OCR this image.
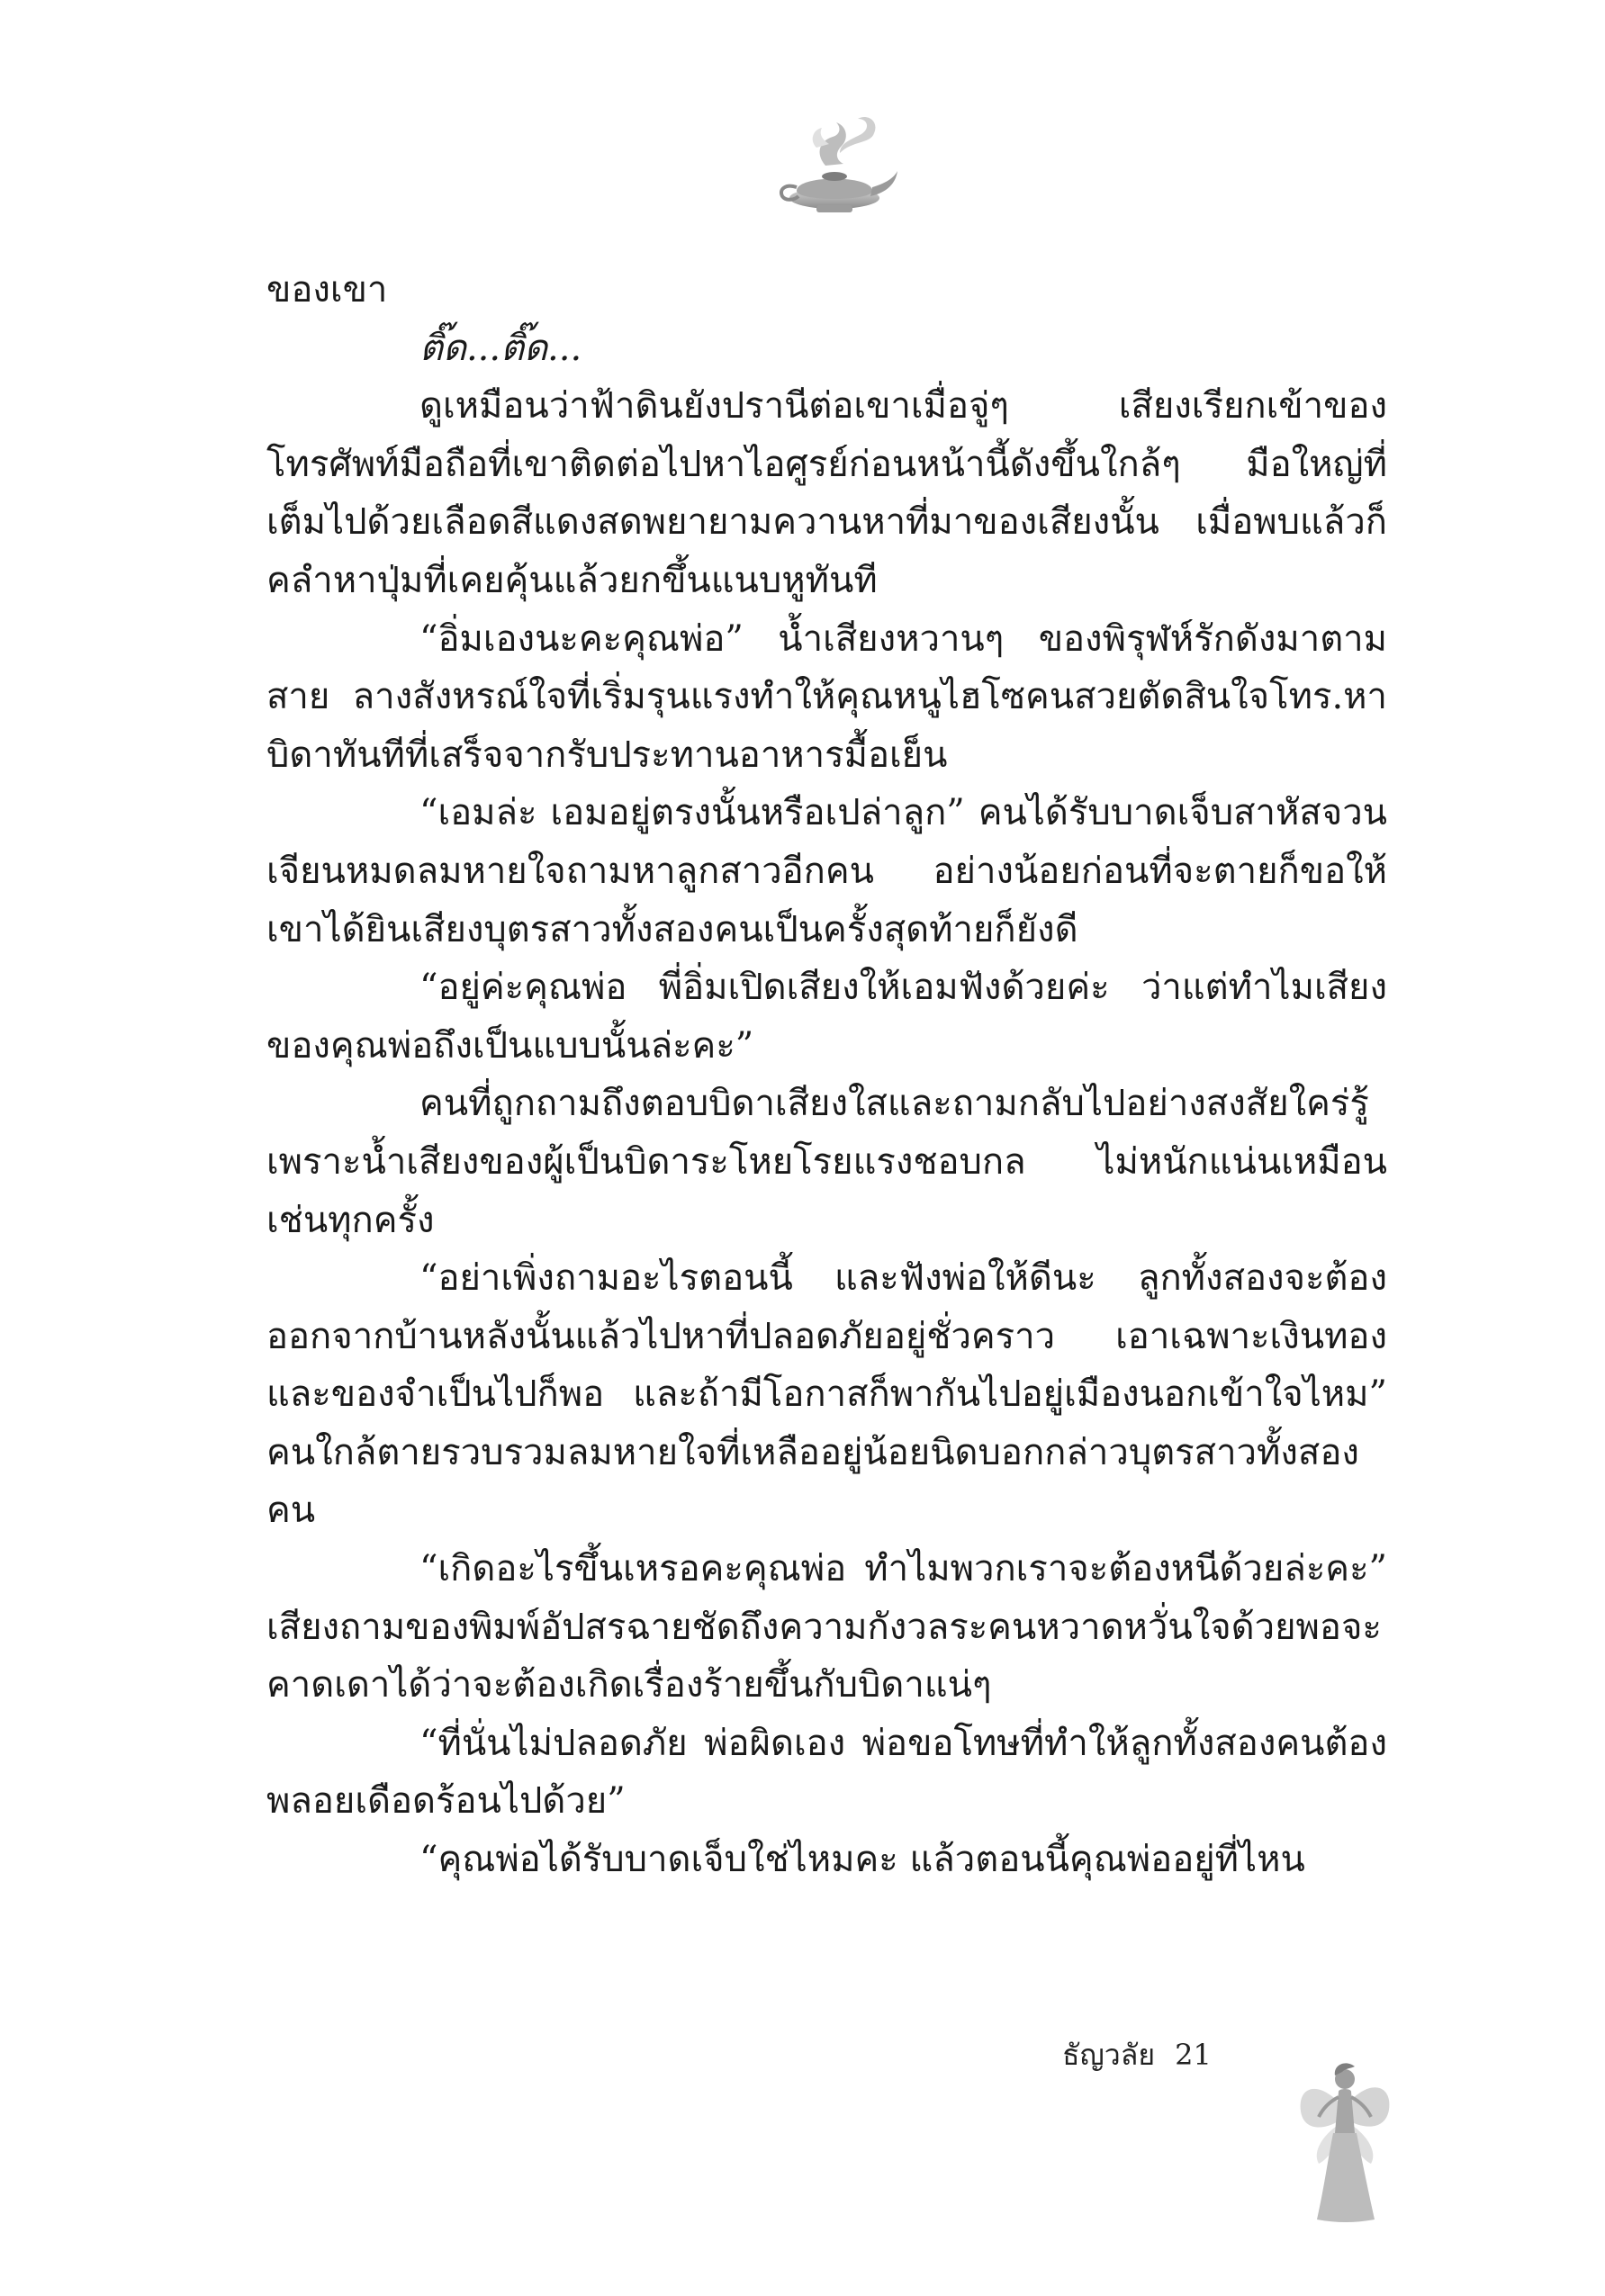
ของเขา

ติ๊ด...ติ๊ด...

ดูเหมือนว่าฟ้าดินยังปรานีต่อเขาเมื่อจู่ๆ เสียงเรียกเข้าของโทรศัพท์มือถือที่เขาติดต่อไปหาไอศูรย์ก่อนหน้านี้ดังขึ้นใกล้ๆ มือใหญ่ที่เต็มไปด้วยเลือดสีแดงสดพยายามควานหาที่มาของเสียงนั้น เมื่อพบแล้วก็คลำหาปุ่มที่เคยคุ้นแล้วยกขึ้นแนบหูทันที

“อิ่มเองนะคะคุณพ่อ” น้ำเสียงหวานๆ ของพิรุฬห์รักดังมาตามสาย ลางสังหรณ์ใจที่เริ่มรุนแรงทำให้คุณหนูไฮโซคนสวยตัดสินใจโทร.หาบิดาทันทีที่เสร็จจากรับประทานอาหารมื้อเย็น

“เอมล่ะ เอมอยู่ตรงนั้นหรือเปล่าลูก” คนได้รับบาดเจ็บสาหัสจวนเจียนหมดลมหายใจถามหาลูกสาวอีกคน อย่างน้อยก่อนที่จะตายก็ขอให้เขาได้ยินเสียงบุตรสาวทั้งสองคนเป็นครั้งสุดท้ายก็ยังดี

“อยู่ค่ะคุณพ่อ พี่อิ่มเปิดเสียงให้เอมฟังด้วยค่ะ ว่าแต่ทำไมเสียงของคุณพ่อถึงเป็นแบบนั้นล่ะคะ”

คนที่ถูกถามถึงตอบบิดาเสียงใสและถามกลับไปอย่างสงสัยใคร่รู้ เพราะน้ำเสียงของผู้เป็นบิดาระโหยโรยแรงชอบกล ไม่หนักแน่นเหมือนเช่นทุกครั้ง

“อย่าเพิ่งถามอะไรตอนนี้ และฟังพ่อให้ดีนะ ลูกทั้งสองจะต้องออกจากบ้านหลังนั้นแล้วไปหาที่ปลอดภัยอยู่ชั่วคราว เอาเฉพาะเงินทองและของจำเป็นไปก็พอ และถ้ามีโอกาสก็พากันไปอยู่เมืองนอกเข้าใจไหม” คนใกล้ตายรวบรวมลมหายใจที่เหลืออยู่น้อยนิดบอกกล่าวบุตรสาวทั้งสองคน

“เกิดอะไรขึ้นเหรอคะคุณพ่อ ทำไมพวกเราจะต้องหนีด้วยล่ะคะ” เสียงถามของพิมพ์อัปสรฉายชัดถึงความกังวลระคนหวาดหวั่นใจด้วยพอจะคาดเดาได้ว่าจะต้องเกิดเรื่องร้ายขึ้นกับบิดาแน่ๆ

“ที่นั่นไม่ปลอดภัย พ่อผิดเอง พ่อขอโทษที่ทำให้ลูกทั้งสองคนต้องพลอยเดือดร้อนไปด้วย”

“คุณพ่อได้รับบาดเจ็บใช่ไหมคะ แล้วตอนนี้คุณพ่ออยู่ที่ไหน

ธัญวลัย 21
